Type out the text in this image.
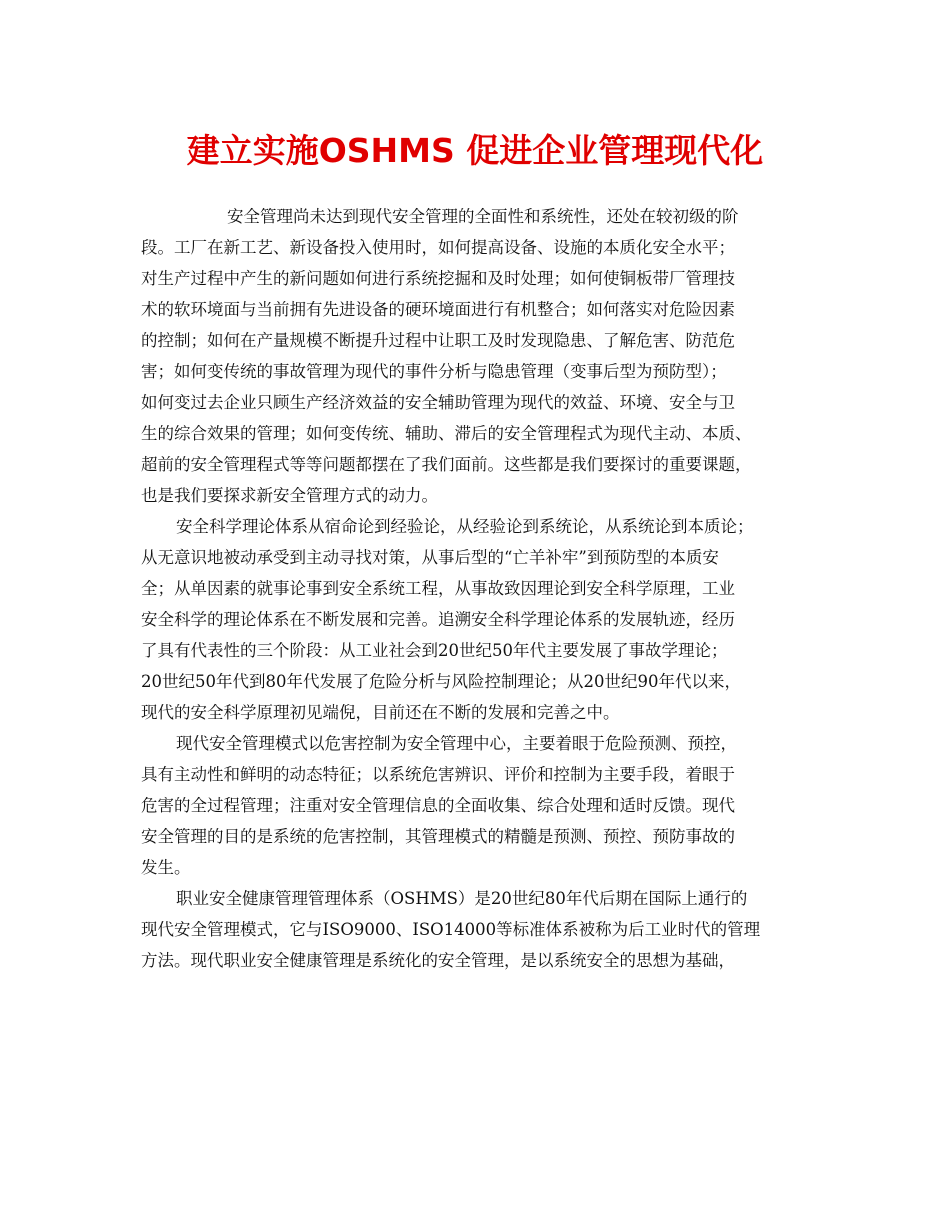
建立实施OSHMS 促进企业管理现代化

安全管理尚未达到现代安全管理的全面性和系统性，还处在较初级的阶
段。工厂在新工艺、新设备投入使用时，如何提高设备、设施的本质化安全水平；
对生产过程中产生的新问题如何进行系统挖掘和及时处理；如何使铜板带厂管理技
术的软环境面与当前拥有先进设备的硬环境面进行有机整合；如何落实对危险因素
的控制；如何在产量规模不断提升过程中让职工及时发现隐患、了解危害、防范危
害；如何变传统的事故管理为现代的事件分析与隐患管理（变事后型为预防型）；
如何变过去企业只顾生产经济效益的安全辅助管理为现代的效益、环境、安全与卫
生的综合效果的管理；如何变传统、辅助、滞后的安全管理程式为现代主动、本质、
超前的安全管理程式等等问题都摆在了我们面前。这些都是我们要探讨的重要课题，
也是我们要探求新安全管理方式的动力。

安全科学理论体系从宿命论到经验论，从经验论到系统论，从系统论到本质论；
从无意识地被动承受到主动寻找对策，从事后型的“亡羊补牢”到预防型的本质安
全；从单因素的就事论事到安全系统工程，从事故致因理论到安全科学原理，工业
安全科学的理论体系在不断发展和完善。追溯安全科学理论体系的发展轨迹，经历
了具有代表性的三个阶段：从工业社会到20世纪50年代主要发展了事故学理论；
20世纪50年代到80年代发展了危险分析与风险控制理论；从20世纪90年代以来，
现代的安全科学原理初见端倪，目前还在不断的发展和完善之中。

现代安全管理模式以危害控制为安全管理中心，主要着眼于危险预测、预控，
具有主动性和鲜明的动态特征；以系统危害辨识、评价和控制为主要手段，着眼于
危害的全过程管理；注重对安全管理信息的全面收集、综合处理和适时反馈。现代
安全管理的目的是系统的危害控制，其管理模式的精髓是预测、预控、预防事故的
发生。

职业安全健康管理管理体系（OSHMS）是20世纪80年代后期在国际上通行的
现代安全管理模式，它与ISO9000、ISO14000等标准体系被称为后工业时代的管理
方法。现代职业安全健康管理是系统化的安全管理，是以系统安全的思想为基础，
